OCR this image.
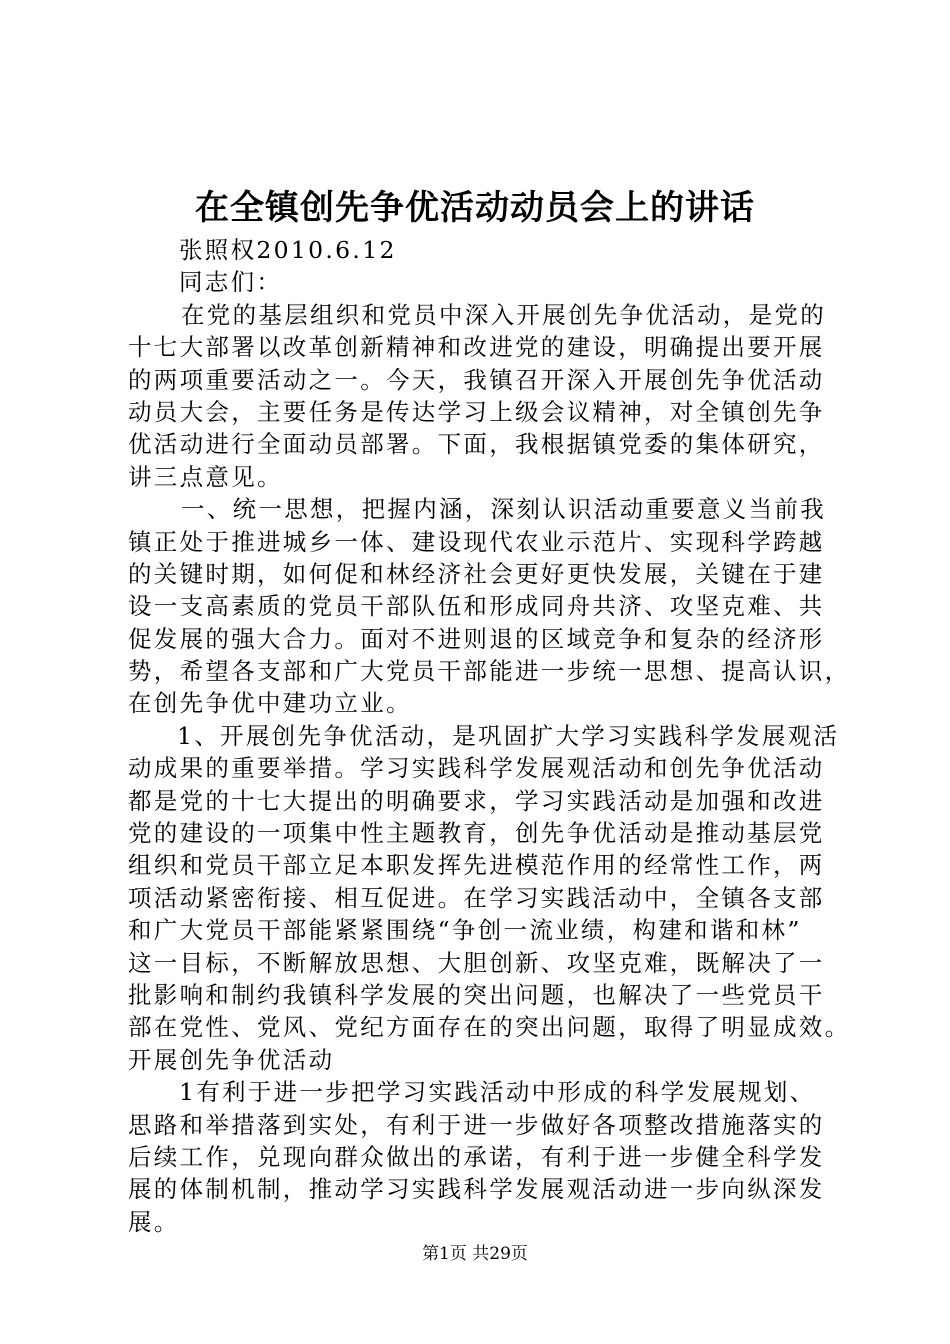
在全镇创先争优活动动员会上的讲话

张照权2010.6.12

同志们：

在党的基层组织和党员中深入开展创先争优活动，是党的

十七大部署以改革创新精神和改进党的建设，明确提出要开展

的两项重要活动之一。今天，我镇召开深入开展创先争优活动

动员大会，主要任务是传达学习上级会议精神，对全镇创先争

优活动进行全面动员部署。下面，我根据镇党委的集体研究，

讲三点意见。

一、统一思想，把握内涵，深刻认识活动重要意义当前我

镇正处于推进城乡一体、建设现代农业示范片、实现科学跨越

的关键时期，如何促和林经济社会更好更快发展，关键在于建

设一支高素质的党员干部队伍和形成同舟共济、攻坚克难、共

促发展的强大合力。面对不进则退的区域竞争和复杂的经济形

势，希望各支部和广大党员干部能进一步统一思想、提高认识，

在创先争优中建功立业。

1、开展创先争优活动，是巩固扩大学习实践科学发展观活

动成果的重要举措。学习实践科学发展观活动和创先争优活动

都是党的十七大提出的明确要求，学习实践活动是加强和改进

党的建设的一项集中性主题教育，创先争优活动是推动基层党

组织和党员干部立足本职发挥先进模范作用的经常性工作，两

项活动紧密衔接、相互促进。在学习实践活动中，全镇各支部

和广大党员干部能紧紧围绕“争创一流业绩，构建和谐和林”

这一目标，不断解放思想、大胆创新、攻坚克难，既解决了一

批影响和制约我镇科学发展的突出问题，也解决了一些党员干

部在党性、党风、党纪方面存在的突出问题，取得了明显成效。

开展创先争优活动

1有利于进一步把学习实践活动中形成的科学发展规划、

思路和举措落到实处，有利于进一步做好各项整改措施落实的

后续工作，兑现向群众做出的承诺，有利于进一步健全科学发

展的体制机制，推动学习实践科学发展观活动进一步向纵深发

展。

第1页 共29页
